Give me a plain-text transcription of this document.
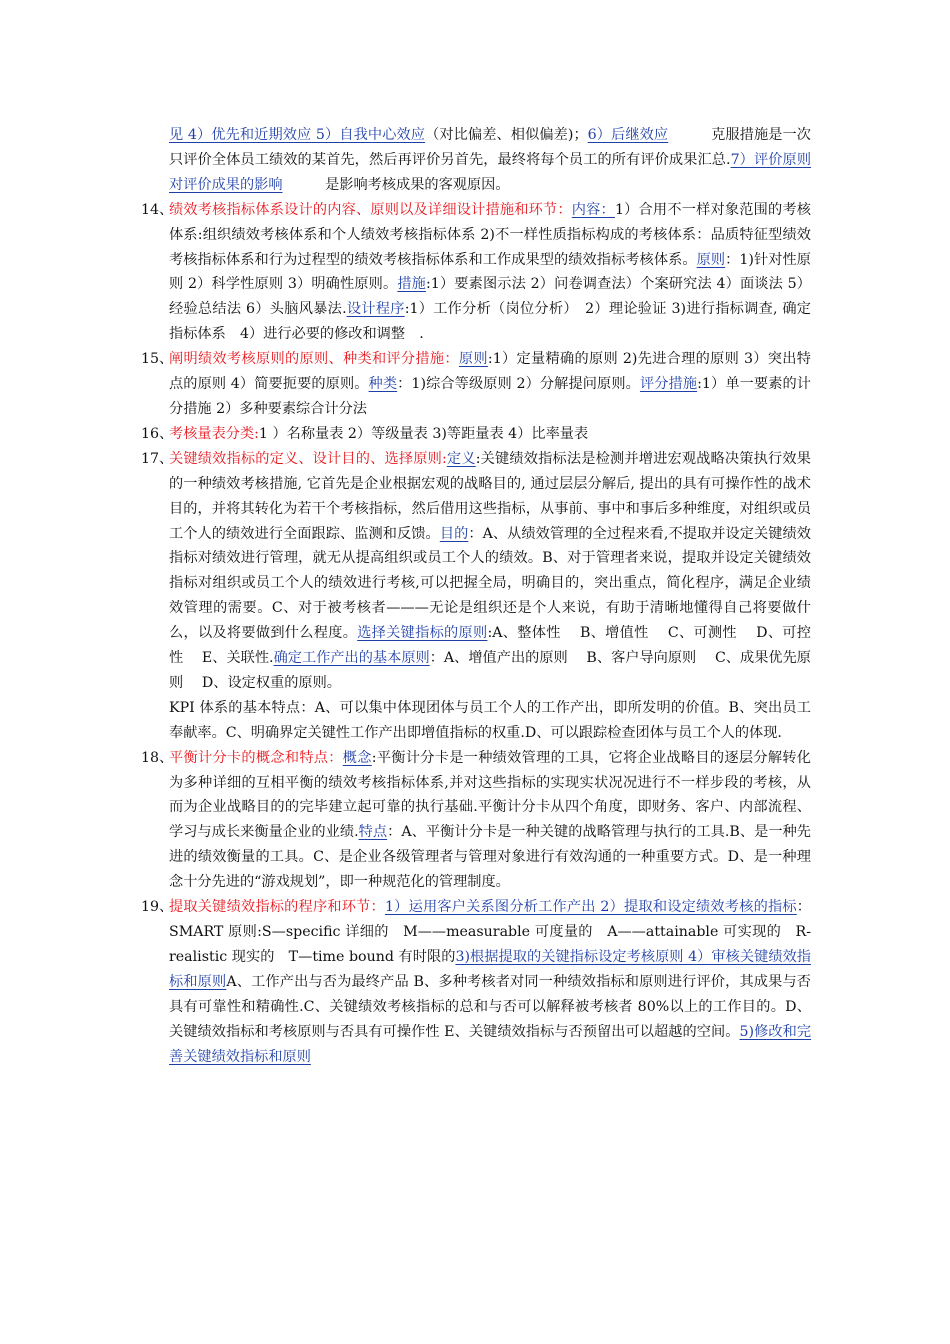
见 4）优先和近期效应 5）自我中心效应（对比偏差、相似偏差)；6）后继效应　　　克服措施是一次只评价全体员工绩效的某首先，然后再评价另首先，最终将每个员工的所有评价成果汇总.7）评价原则对评价成果的影响　　　是影响考核成果的客观原因。
14、
绩效考核指标体系设计的内容、原则以及详细设计措施和环节：内容：1）合用不一样对象范围的考核体系:组织绩效考核体系和个人绩效考核指标体系 2)不一样性质指标构成的考核体系：品质特征型绩效考核指标体系和行为过程型的绩效考核指标体系和工作成果型的绩效指标考核体系。原则：1)针对性原则 2）科学性原则 3）明确性原则。措施:1）要素图示法 2）问卷调查法）个案研究法 4）面谈法 5）经验总结法 6）头脑风暴法.设计程序:1）工作分析（岗位分析）　2）理论验证 3)进行指标调查, 确定指标体系　4）进行必要的修改和调整　.
15、
阐明绩效考核原则的原则、种类和评分措施：原则:1）定量精确的原则 2)先进合理的原则 3）突出特点的原则 4）简要扼要的原则。种类：1)综合等级原则 2）分解提问原则。评分措施:1）单一要素的计分措施 2）多种要素综合计分法
16、
考核量表分类:1 ）名称量表 2）等级量表 3)等距量表 4）比率量表
17、
关键绩效指标的定义、设计目的、选择原则:定义:关键绩效指标法是检测并增进宏观战略决策执行效果的一种绩效考核措施, 它首先是企业根据宏观的战略目的, 通过层层分解后, 提出的具有可操作性的战术目的，并将其转化为若干个考核指标，然后借用这些指标，从事前、事中和事后多种维度，对组织或员工个人的绩效进行全面跟踪、监测和反馈。目的：A、从绩效管理的全过程来看,不提取并设定关键绩效指标对绩效进行管理，就无从提高组织或员工个人的绩效。B、对于管理者来说，提取并设定关键绩效指标对组织或员工个人的绩效进行考核,可以把握全局，明确目的，突出重点，简化程序，满足企业绩效管理的需要。C、对于被考核者———无论是组织还是个人来说，有助于清晰地懂得自己将要做什么，以及将要做到什么程度。选择关键指标的原则:A、整体性　 B、增值性　 C、可测性　 D、可控性　 E、关联性.确定工作产出的基本原则：A、增值产出的原则　 B、客户导向原则　 C、成果优先原则　 D、设定权重的原则。
KPI 体系的基本特点：A、可以集中体现团体与员工个人的工作产出，即所发明的价值。B、突出员工奉献率。C、明确界定关键性工作产出即增值指标的权重.D、可以跟踪检查团体与员工个人的体现.
18、
平衡计分卡的概念和特点：概念:平衡计分卡是一种绩效管理的工具，它将企业战略目的逐层分解转化为多种详细的互相平衡的绩效考核指标体系,并对这些指标的实现实状况况进行不一样步段的考核，从而为企业战略目的的完毕建立起可靠的执行基础.平衡计分卡从四个角度，即财务、客户、内部流程、学习与成长来衡量企业的业绩.特点：A、平衡计分卡是一种关键的战略管理与执行的工具.B、是一种先进的绩效衡量的工具。C、是企业各级管理者与管理对象进行有效沟通的一种重要方式。D、是一种理念十分先进的“游戏规划”，即一种规范化的管理制度。
19、
提取关键绩效指标的程序和环节：1）运用客户关系图分析工作产出 2）提取和设定绩效考核的指标：SMART 原则:S—specific 详细的　M——measurable 可度量的　A——attainable 可实现的　R-realistic 现实的　T—time bound 有时限的3)根据提取的关键指标设定考核原则 4）审核关键绩效指标和原则A、工作产出与否为最终产品 B、多种考核者对同一种绩效指标和原则进行评价，其成果与否具有可靠性和精确性.C、关键绩效考核指标的总和与否可以解释被考核者 80%以上的工作目的。D、关键绩效指标和考核原则与否具有可操作性 E、关键绩效指标与否预留出可以超越的空间。5)修改和完善关键绩效指标和原则
